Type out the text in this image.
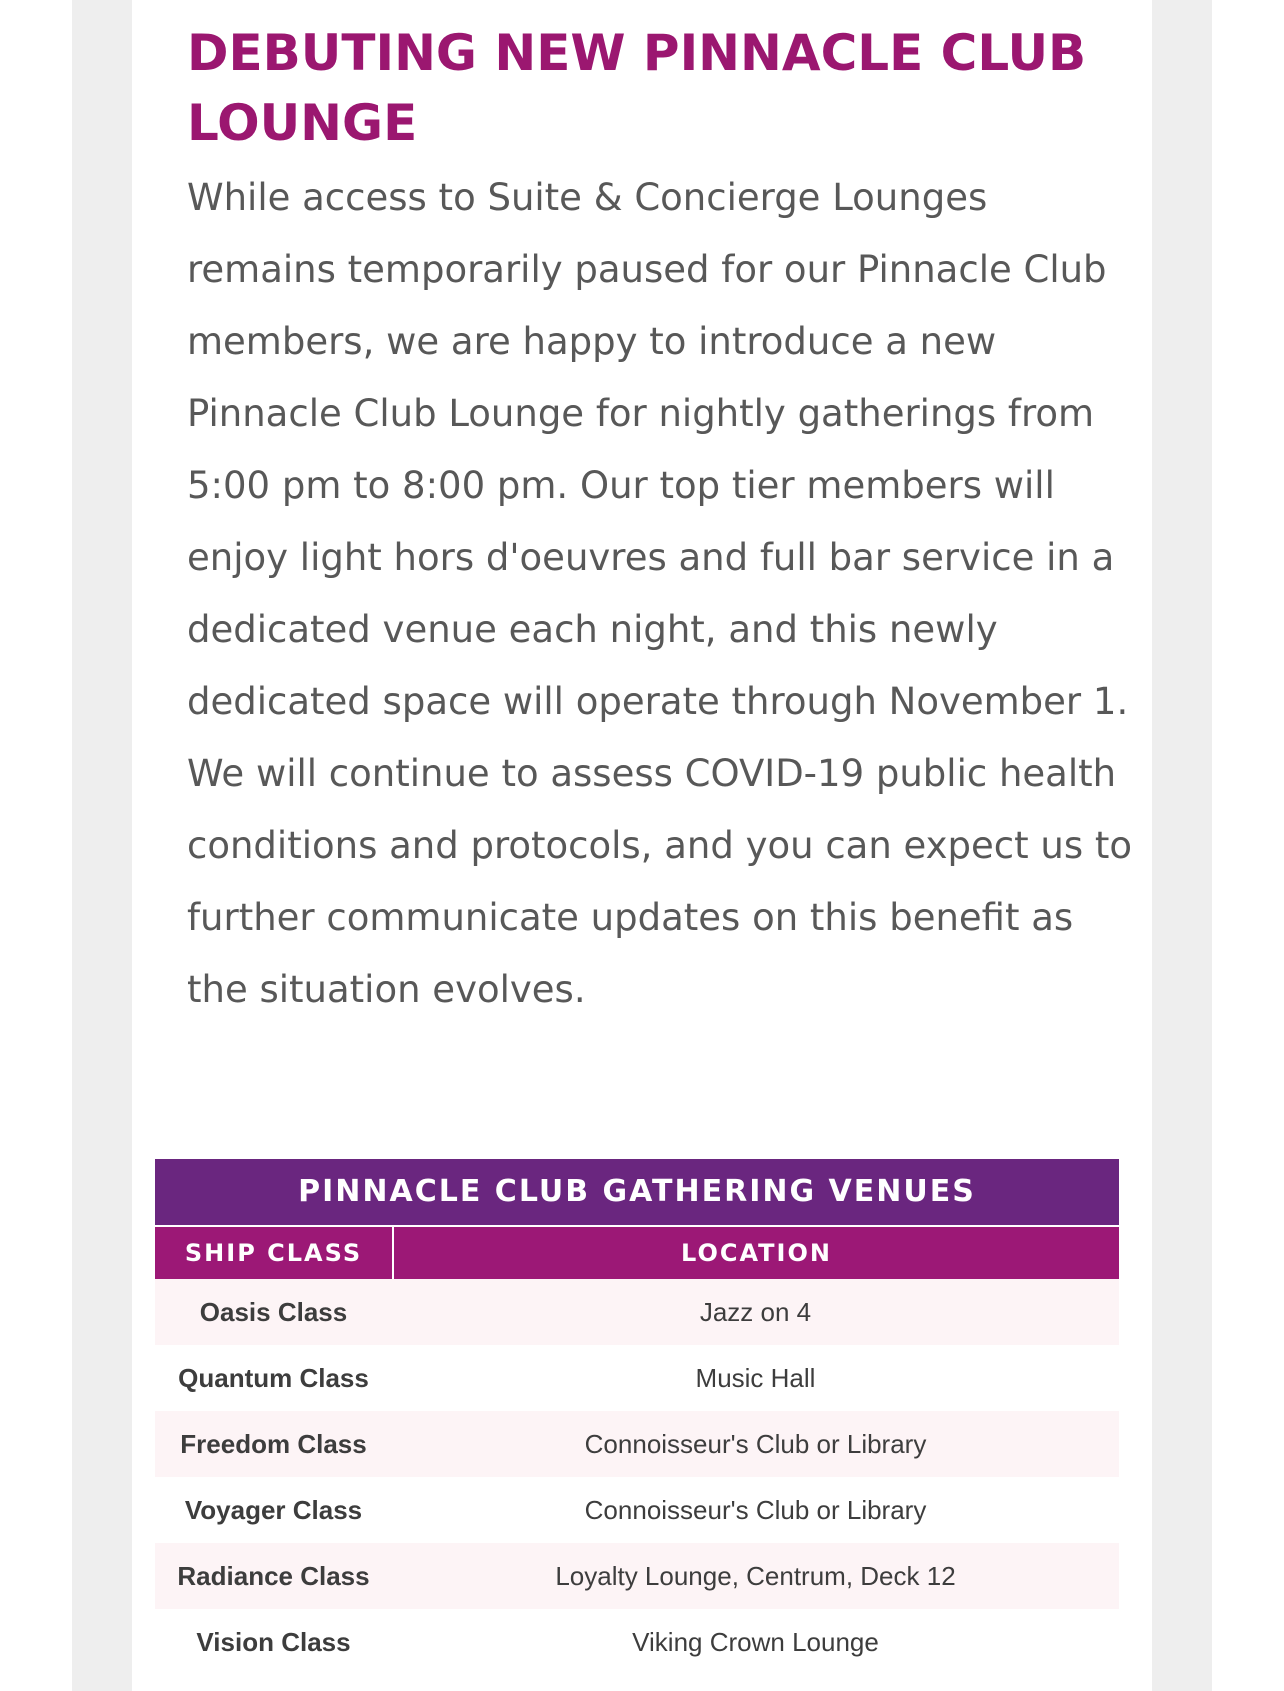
DEBUTING NEW PINNACLE CLUB LOUNGE

While access to Suite & Concierge Lounges remains temporarily paused for our Pinnacle Club members, we are happy to introduce a new Pinnacle Club Lounge for nightly gatherings from 5:00 pm to 8:00 pm. Our top tier members will enjoy light hors d'oeuvres and full bar service in a dedicated venue each night, and this newly dedicated space will operate through November 1. We will continue to assess COVID-19 public health conditions and protocols, and you can expect us to further communicate updates on this benefit as the situation evolves.

PINNACLE CLUB GATHERING VENUES
SHIP CLASS	LOCATION
Oasis Class	Jazz on 4
Quantum Class	Music Hall
Freedom Class	Connoisseur's Club or Library
Voyager Class	Connoisseur's Club or Library
Radiance Class	Loyalty Lounge, Centrum, Deck 12
Vision Class	Viking Crown Lounge
